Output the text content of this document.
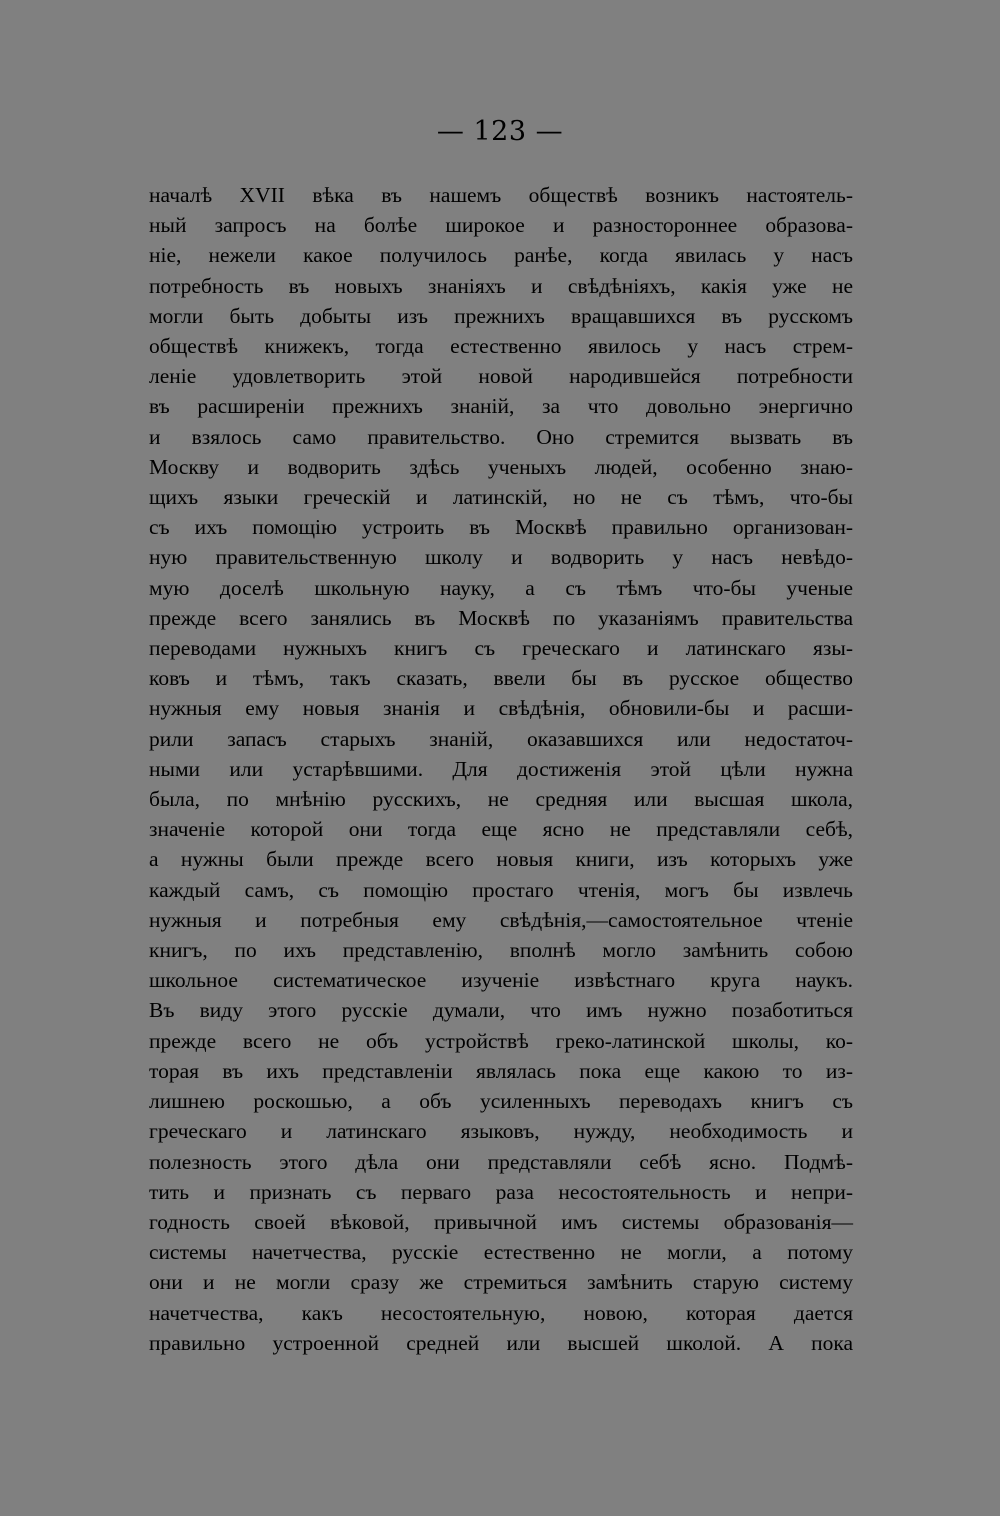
— 123 —
началѣ XVII вѣка въ нашемъ обществѣ возникъ настоятель-
ный запросъ на болѣе широкое и разностороннее образова-
ніе, нежели какое получилось ранѣе, когда явилась у насъ
потребность въ новыхъ знаніяхъ и свѣдѣніяхъ, какія уже не
могли быть добыты изъ прежнихъ вращавшихся въ русскомъ
обществѣ книжекъ, тогда естественно явилось у насъ стрем-
леніе удовлетворить этой новой народившейся потребности
въ расширеніи прежнихъ знаній, за что довольно энергично
и взялось само правительство. Оно стремится вызвать въ
Москву и водворить здѣсь ученыхъ людей, особенно знаю-
щихъ языки греческій и латинскій, но не съ тѣмъ, что-бы
съ ихъ помощію устроить въ Москвѣ правильно организован-
ную правительственную школу и водворить у насъ невѣдо-
мую доселѣ школьную науку, а съ тѣмъ что-бы ученые
прежде всего занялись въ Москвѣ по указаніямъ правительства
переводами нужныхъ книгъ съ греческаго и латинскаго язы-
ковъ и тѣмъ, такъ сказать, ввели бы въ русское общество
нужныя ему новыя знанія и свѣдѣнія, обновили-бы и расши-
рили запасъ старыхъ знаній, оказавшихся или недостаточ-
ными или устарѣвшими. Для достиженія этой цѣли нужна
была, по мнѣнію русскихъ, не средняя или высшая школа,
значеніе которой они тогда еще ясно не представляли себѣ,
а нужны были прежде всего новыя книги, изъ которыхъ уже
каждый самъ, съ помощію простаго чтенія, могъ бы извлечь
нужныя и потребныя ему свѣдѣнія,—самостоятельное чтеніе
книгъ, по ихъ представленію, вполнѣ могло замѣнить собою
школьное систематическое изученіе извѣстнаго круга наукъ.
Въ виду этого русскіе думали, что имъ нужно позаботиться
прежде всего не объ устройствѣ греко-латинской школы, ко-
торая въ ихъ представленіи являлась пока еще какою то из-
лишнею роскошью, а объ усиленныхъ переводахъ книгъ съ
греческаго и латинскаго языковъ, нужду, необходимость и
полезность этого дѣла они представляли себѣ ясно. Подмѣ-
тить и признать съ перваго раза несостоятельность и непри-
годность своей вѣковой, привычной имъ системы образованія—
системы начетчества, русскіе естественно не могли, а потому
они и не могли сразу же стремиться замѣнить старую систему
начетчества, какъ несостоятельную, новою, которая дается
правильно устроенной средней или высшей школой. А пока
